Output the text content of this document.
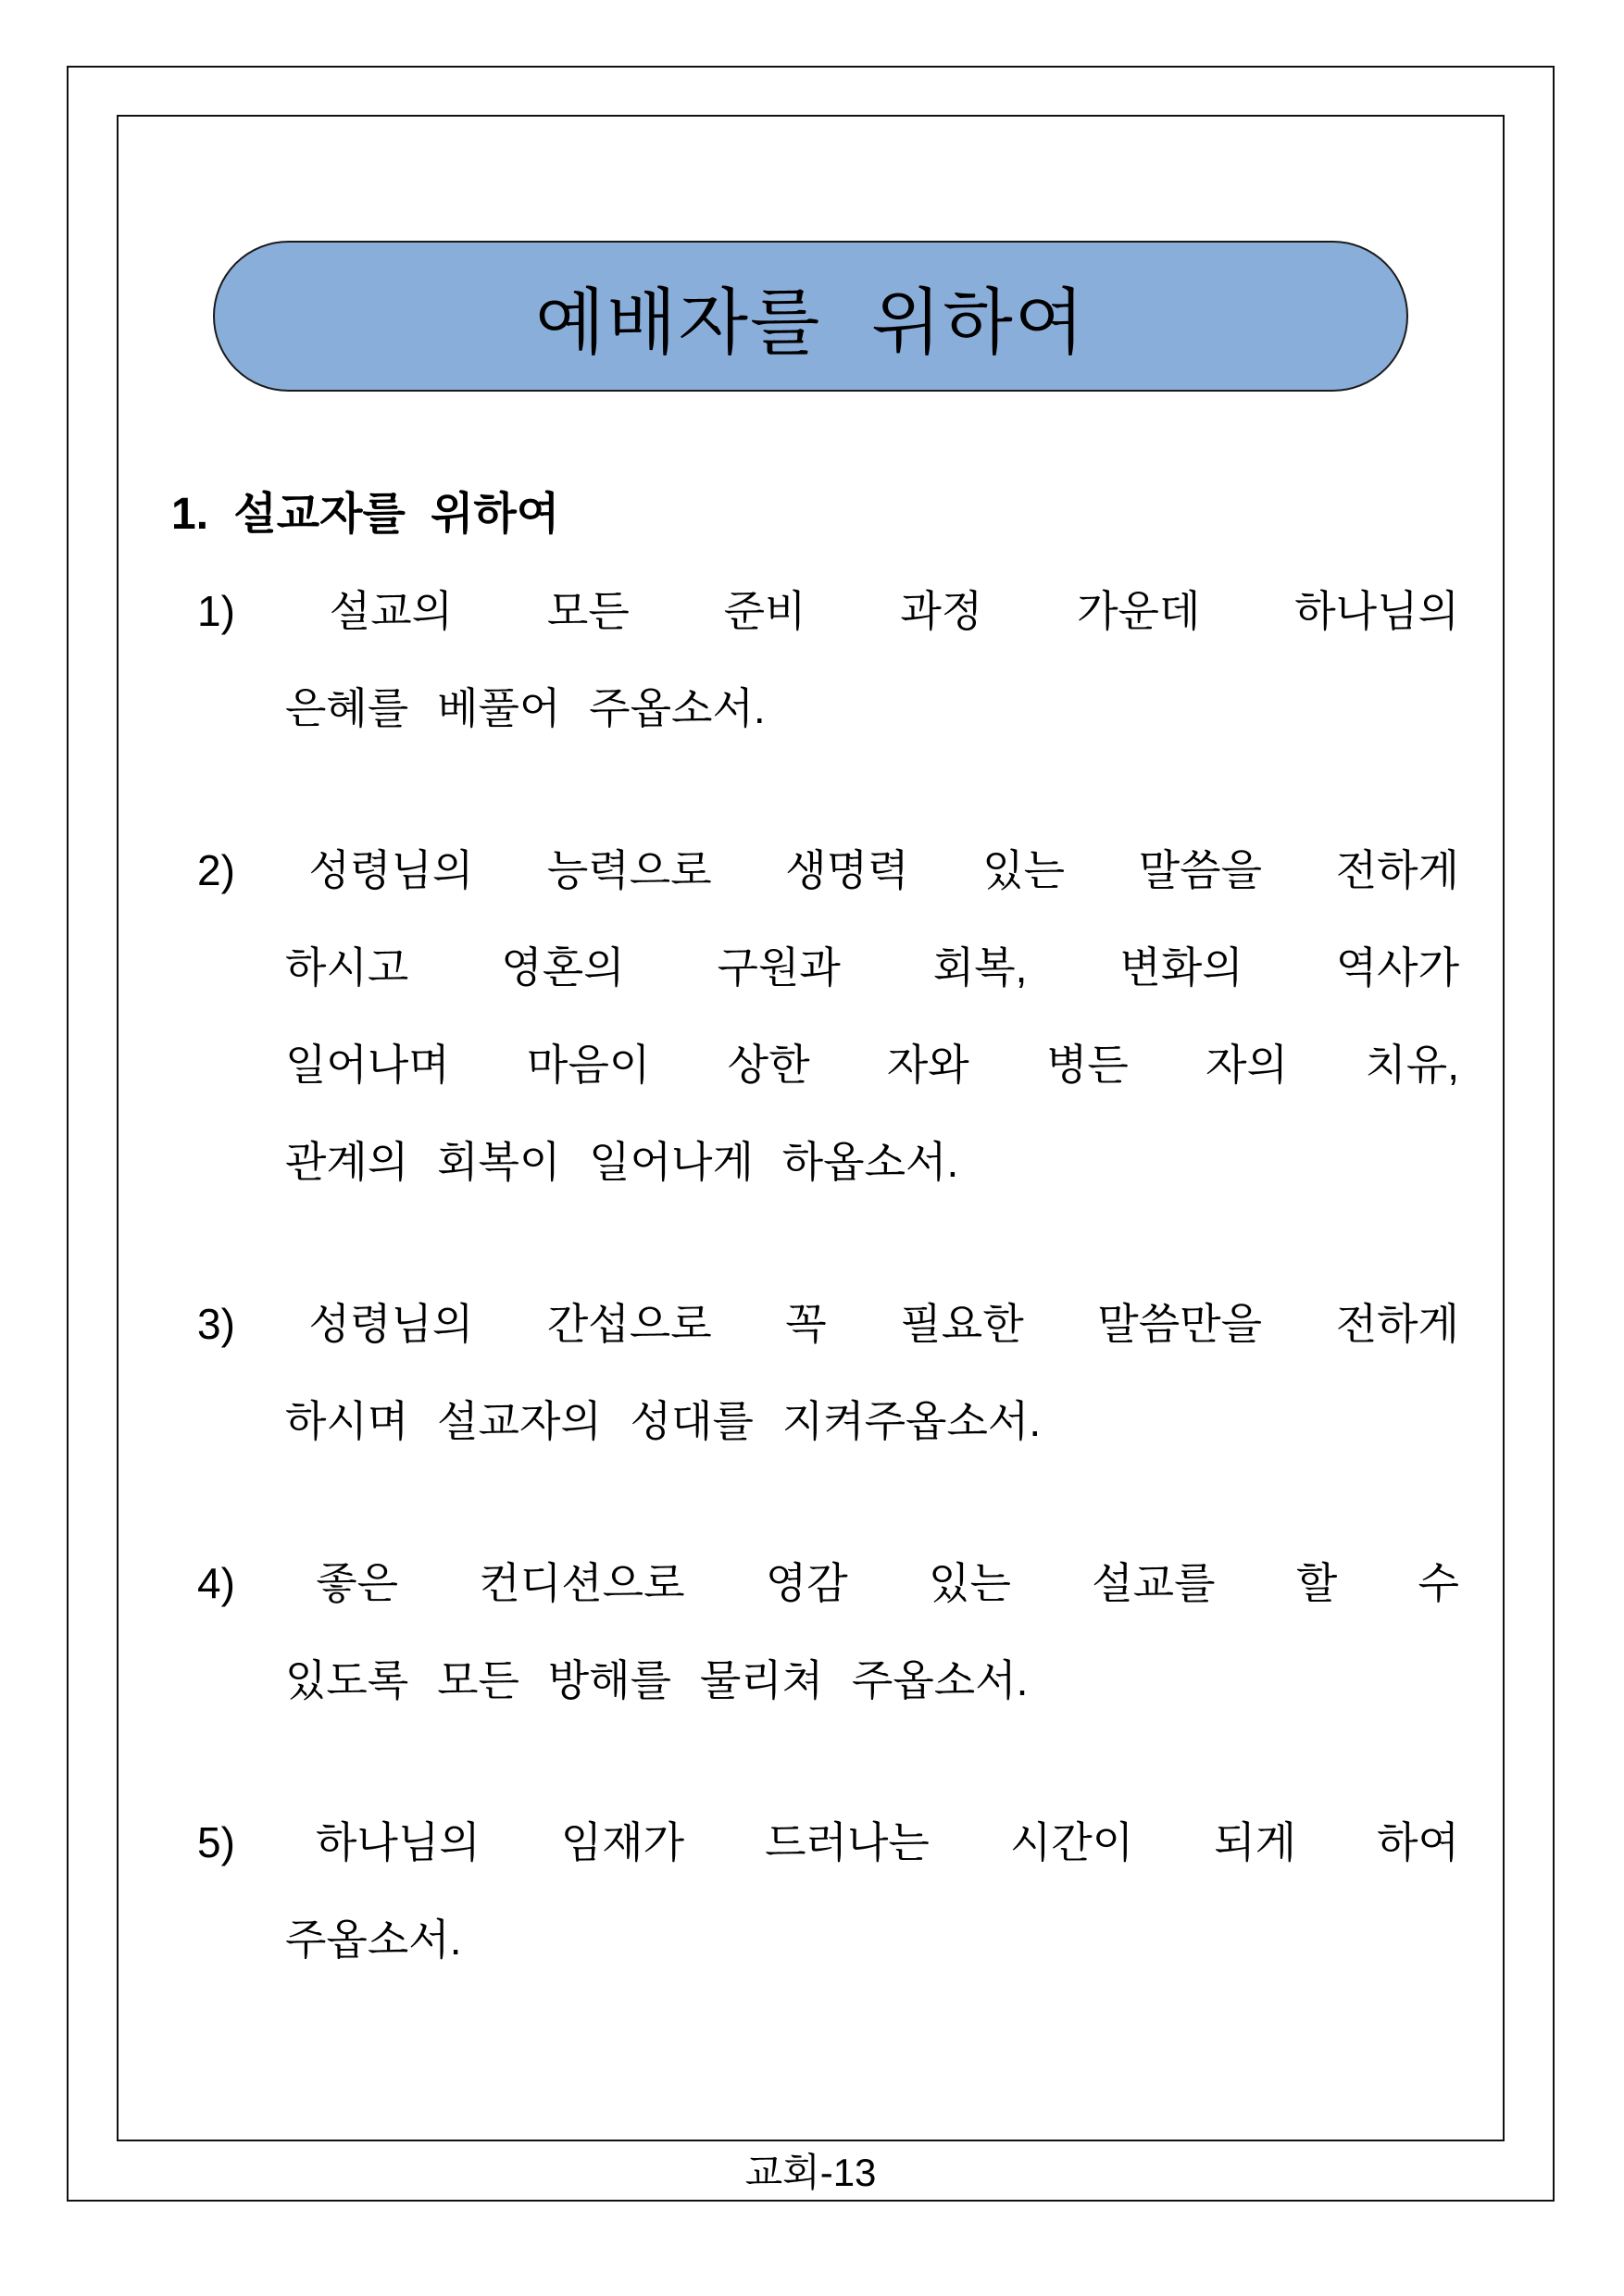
예배자를 위하여
1. 설교자를 위하여
1) 설교의 모든 준비 과정 가운데 하나님의
은혜를 베풀어 주옵소서.
2) 성령님의 능력으로 생명력 있는 말씀을 전하게
하시고 영혼의 구원과 회복, 변화의 역사가
일어나며 마음이 상한 자와 병든 자의 치유,
관계의 회복이 일어나게 하옵소서.
3) 성령님의 간섭으로 꼭 필요한 말씀만을 전하게
하시며 설교자의 성대를 지켜주옵소서.
4) 좋은 컨디션으로 영감 있는 설교를 할 수
있도록 모든 방해를 물리쳐 주옵소서.
5) 하나님의 임재가 드러나는 시간이 되게 하여
주옵소서.
교회-13
